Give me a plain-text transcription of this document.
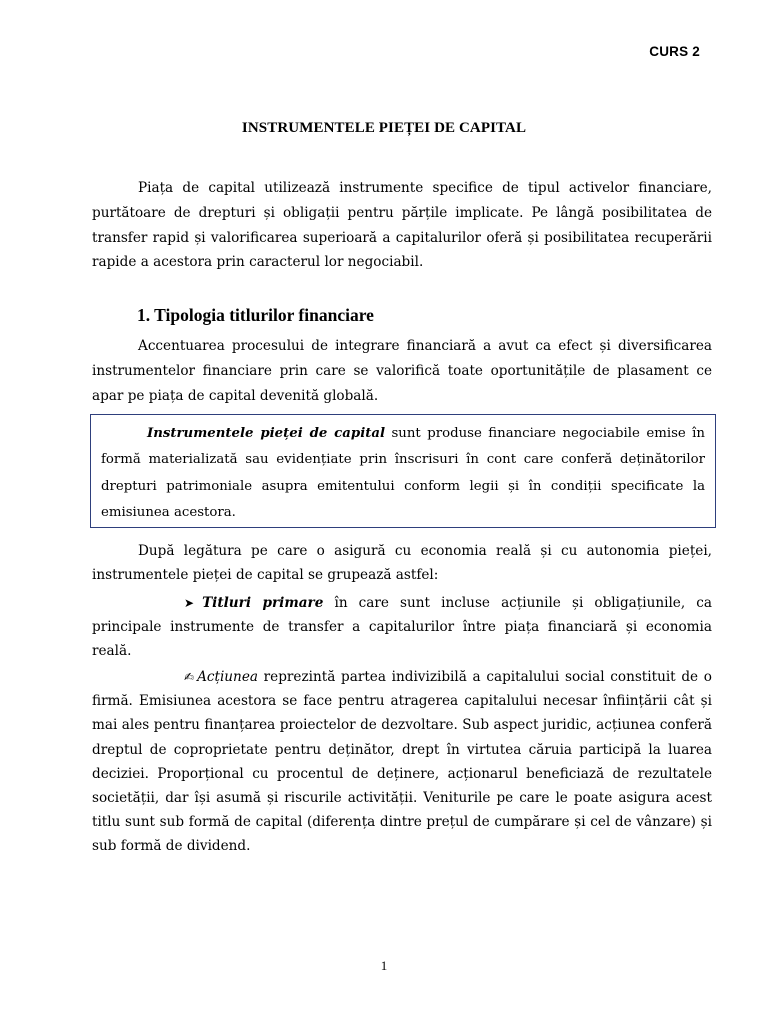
CURS 2
INSTRUMENTELE PIEȚEI DE CAPITAL

Piața de capital utilizează instrumente specifice de tipul activelor financiare, purtătoare de drepturi și obligații pentru părțile implicate. Pe lângă posibilitatea de transfer rapid și valorificarea superioară a capitalurilor oferă și posibilitatea recuperării rapide a acestora prin caracterul lor negociabil.

1. Tipologia titlurilor financiare

Accentuarea procesului de integrare financiară a avut ca efect și diversificarea instrumentelor financiare prin care se valorifică toate oportunitățile de plasament ce apar pe piața de capital devenită globală.

Instrumentele pieței de capital sunt produse financiare negociabile emise în formă materializată sau evidențiate prin înscrisuri în cont care conferă deținătorilor drepturi patrimoniale asupra emitentului conform legii și în condiții specificate la emisiunea acestora.

După legătura pe care o asigură cu economia reală și cu autonomia pieței, instrumentele pieței de capital se grupează astfel:

➤ Titluri primare în care sunt incluse acțiunile și obligațiunile, ca principale instrumente de transfer a capitalurilor între piața financiară și economia reală.

✍ Acțiunea reprezintă partea indivizibilă a capitalului social constituit de o firmă. Emisiunea acestora se face pentru atragerea capitalului necesar înființării cât și mai ales pentru finanțarea proiectelor de dezvoltare. Sub aspect juridic, acțiunea conferă dreptul de coproprietate pentru deținător, drept în virtutea căruia participă la luarea deciziei. Proporțional cu procentul de deținere, acționarul beneficiază de rezultatele societății, dar își asumă și riscurile activității. Veniturile pe care le poate asigura acest titlu sunt sub formă de capital (diferența dintre prețul de cumpărare și cel de vânzare) și sub formă de dividend.

1
